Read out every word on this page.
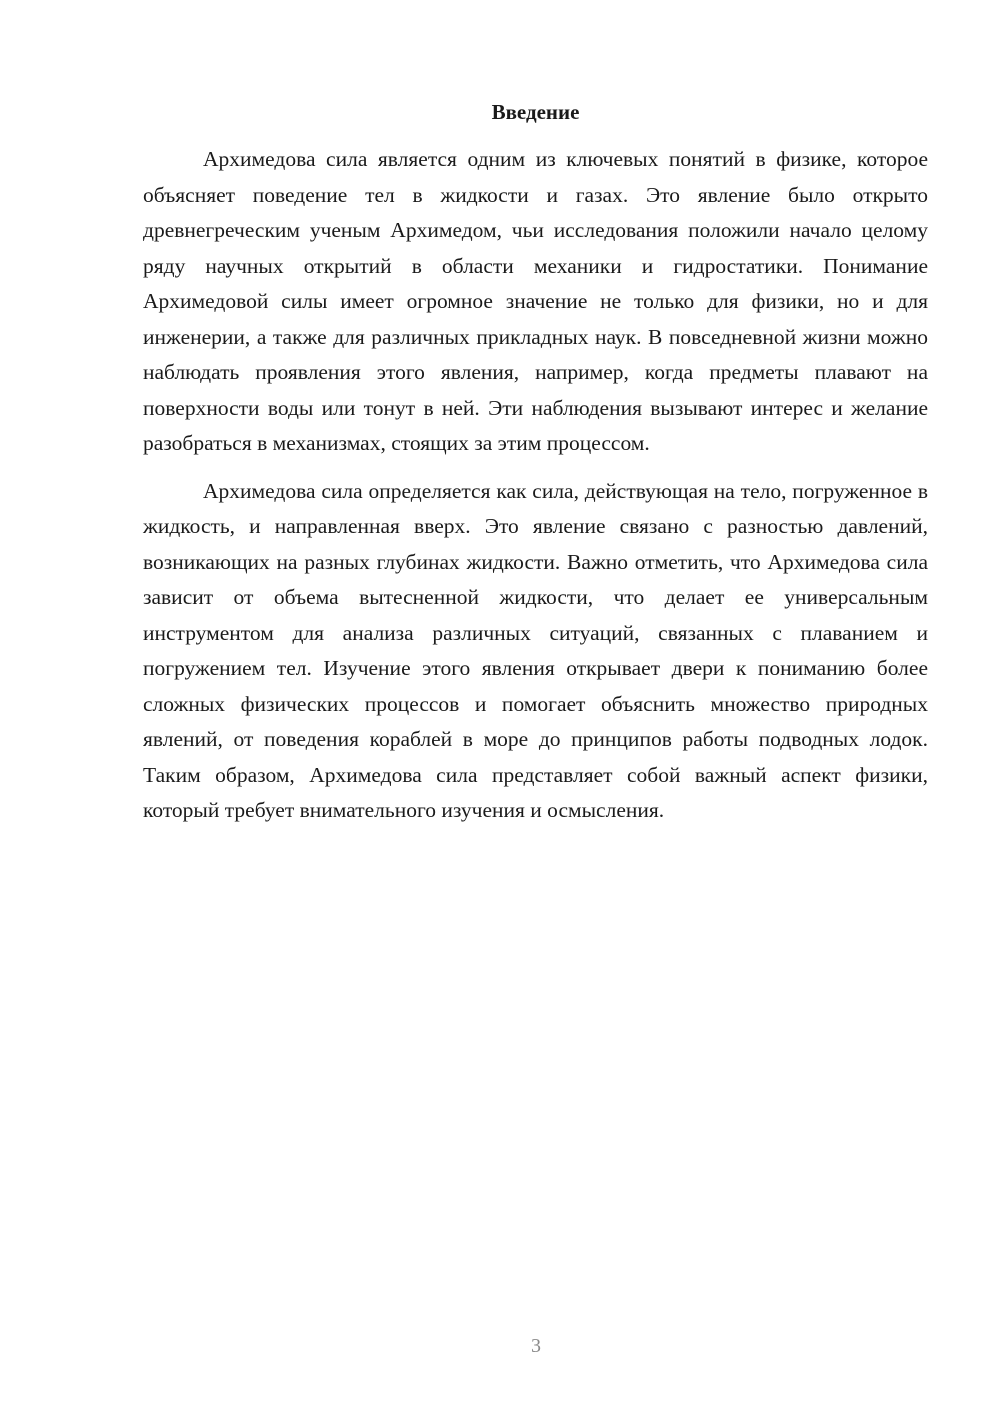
Введение

Архимедова сила является одним из ключевых понятий в физике, которое объясняет поведение тел в жидкости и газах. Это явление было открыто древнегреческим ученым Архимедом, чьи исследования положили начало целому ряду научных открытий в области механики и гидростатики. Понимание Архимедовой силы имеет огромное значение не только для физики, но и для инженерии, а также для различных прикладных наук. В повседневной жизни можно наблюдать проявления этого явления, например, когда предметы плавают на поверхности воды или тонут в ней. Эти наблюдения вызывают интерес и желание разобраться в механизмах, стоящих за этим процессом.

Архимедова сила определяется как сила, действующая на тело, погруженное в жидкость, и направленная вверх. Это явление связано с разностью давлений, возникающих на разных глубинах жидкости. Важно отметить, что Архимедова сила зависит от объема вытесненной жидкости, что делает ее универсальным инструментом для анализа различных ситуаций, связанных с плаванием и погружением тел. Изучение этого явления открывает двери к пониманию более сложных физических процессов и помогает объяснить множество природных явлений, от поведения кораблей в море до принципов работы подводных лодок. Таким образом, Архимедова сила представляет собой важный аспект физики, который требует внимательного изучения и осмысления.

3
